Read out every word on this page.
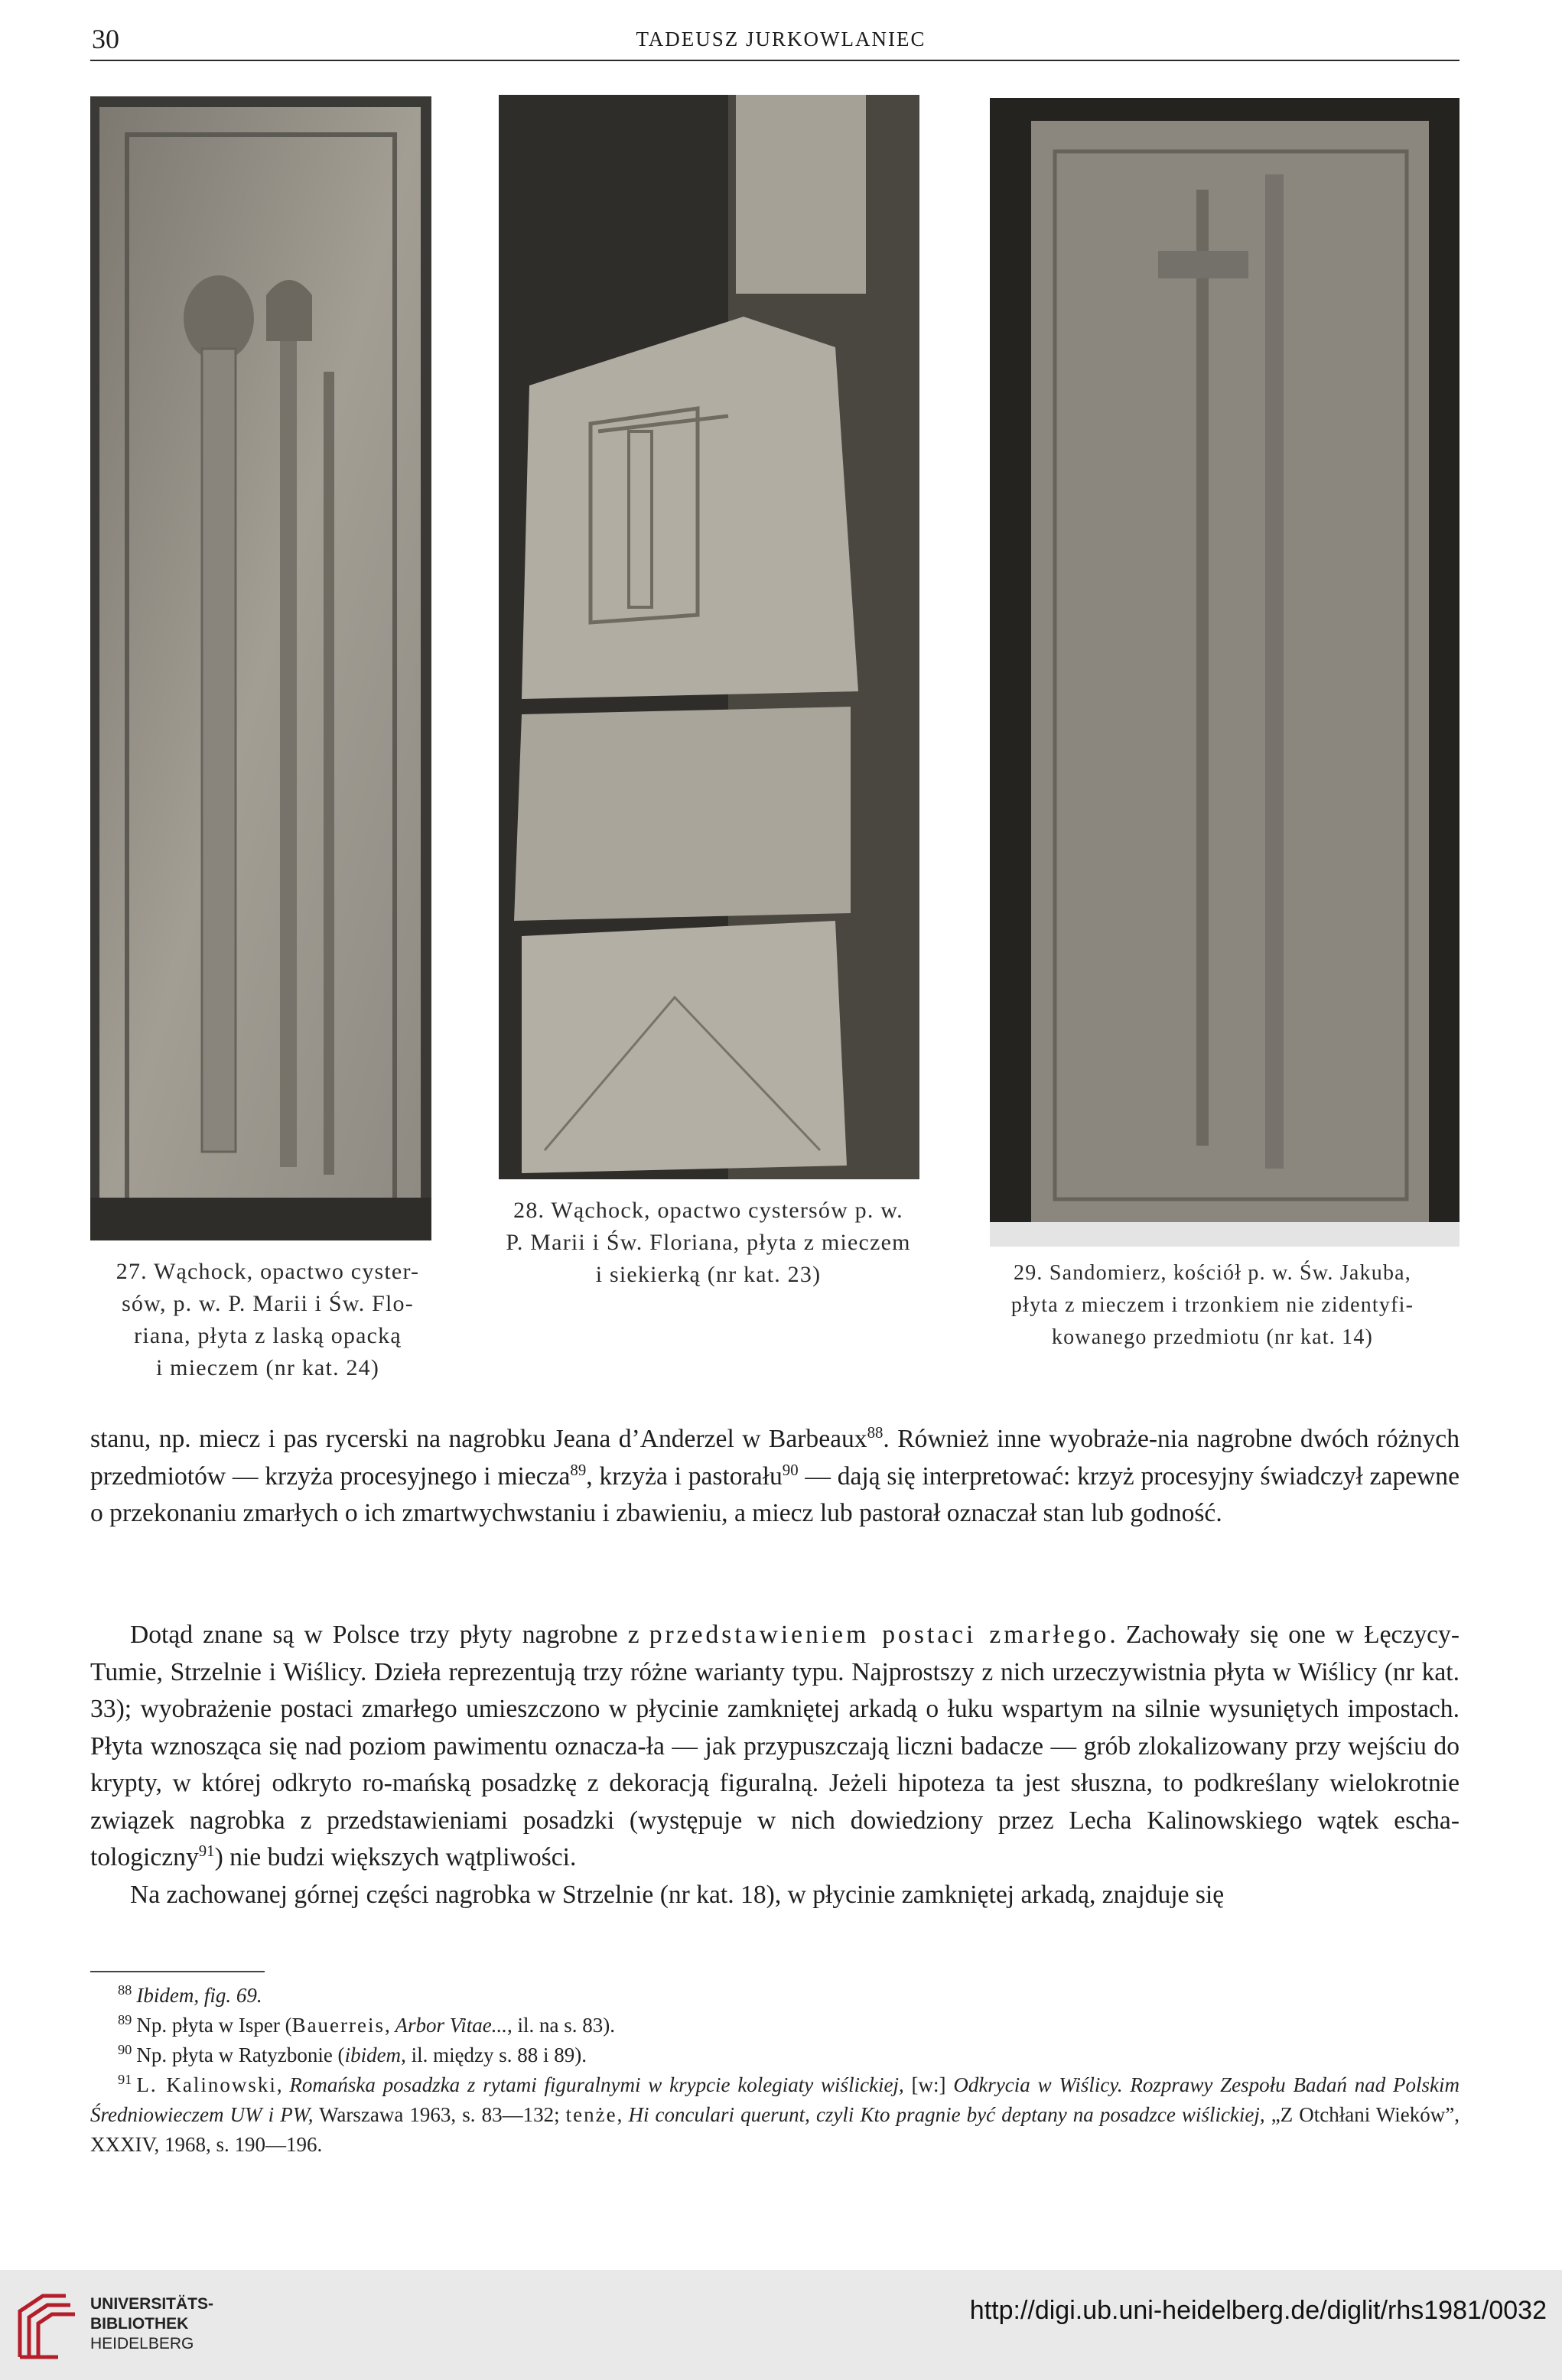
30	TADEUSZ JURKOWLANIEC
27. Wąchock, opactwo cyster-
sów, p. w. P. Marii i Św. Flo-
riana, płyta z laską opacką
i mieczem (nr kat. 24)
28. Wąchock, opactwo cystersów p. w.
P. Marii i Św. Floriana, płyta z mieczem
i siekierką (nr kat. 23)	29. Sandomierz, kościół p. w. Św. Jakuba,
płyta z mieczem i trzonkiem nie zidentyfi-
kowanego przedmiotu (nr kat. 14)

stanu, np. miecz i pas rycerski na nagrobku Jeana d’Anderzel w Barbeaux$^{88}$. Również inne wyobraże-nia nagrobne dwóch różnych przedmiotów — krzyża procesyjnego i miecza$^{89}$, krzyża i pastorału$^{90}$ — dają się interpretować: krzyż procesyjny świadczył zapewne o przekonaniu zmarłych o ich zmartwychwstaniu i zbawieniu, a miecz lub pastorał oznaczał stan lub godność.

Dotąd znane są w Polsce trzy płyty nagrobne z przedstawieniem postaci zmarłego. Zachowały się one w Łęczycy-Tumie, Strzelnie i Wiślicy. Dzieła reprezentują trzy różne warianty typu. Najprostszy z nich urzeczywistnia płyta w Wiślicy (nr kat. 33); wyobrażenie postaci zmarłego umieszczono w płycinie zamkniętej arkadą o łuku wspartym na silnie wysuniętych impostach. Płyta wznosząca się nad poziom pawimentu oznacza-ła — jak przypuszczają liczni badacze — grób zlokalizowany przy wejściu do krypty, w której odkryto ro-mańską posadzkę z dekoracją figuralną. Jeżeli hipoteza ta jest słuszna, to podkreślany wielokrotnie związek nagrobka z przedstawieniami posadzki (występuje w nich dowiedziony przez Lecha Kalinowskiego wątek escha-tologiczny$^{91}$) nie budzi większych wątpliwości.

Na zachowanej górnej części nagrobka w Strzelnie (nr kat. 18), w płycinie zamkniętej arkadą, znajduje się

$^{88}$ Ibidem, fig. 69.

$^{89}$ Np. płyta w Isper (Bauerreis, Arbor Vitae..., il. na s. 83).

$^{90}$ Np. płyta w Ratyzbonie (ibidem, il. między s. 88 i 89).

$^{91}$ L. Kalinowski, Romańska posadzka z rytami figuralnymi w krypcie kolegiaty wiślickiej, [w:] Odkrycia w Wiślicy. Rozprawy Zespołu Badań nad Polskim Średniowieczem UW i PW, Warszawa 1963, s. 83—132; tenże, Hi conculari querunt, czyli Kto pragnie być deptany na posadzce wiślickiej, „Z Otchłani Wieków”, XXXIV, 1968, s. 190—196.

UNIVERSITÄTS-
BIBLIOTHEK
HEIDELBERG
http://digi.ub.uni-heidelberg.de/diglit/rhs1981/0032
